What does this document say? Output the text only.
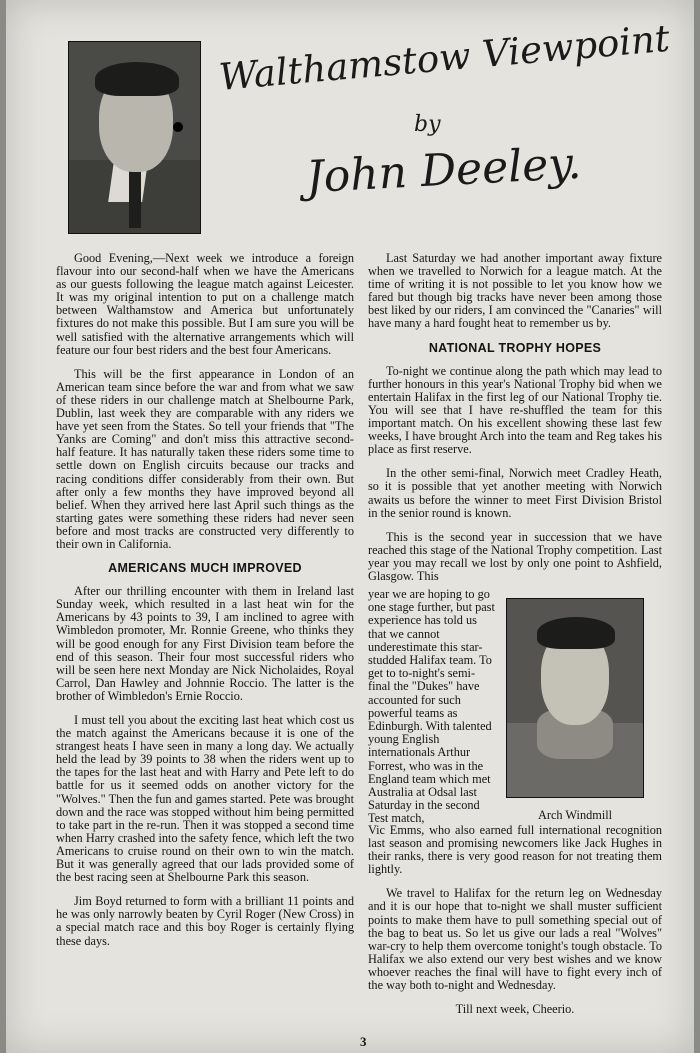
Walthamstow Viewpoint
by
John Deeley.

Good Evening,—Next week we introduce a foreign flavour into our second-half when we have the Americans as our guests following the league match against Leicester. It was my original intention to put on a challenge match between Walthamstow and America but unfortunately fixtures do not make this possible. But I am sure you will be well satisfied with the alternative arrangements which will feature our four best riders and the best four Americans.

This will be the first appearance in London of an American team since before the war and from what we saw of these riders in our challenge match at Shelbourne Park, Dublin, last week they are comparable with any riders we have yet seen from the States. So tell your friends that "The Yanks are Coming" and don't miss this attractive second-half feature. It has naturally taken these riders some time to settle down on English circuits because our tracks and racing conditions differ considerably from their own. But after only a few months they have improved beyond all belief. When they arrived here last April such things as the starting gates were something these riders had never seen before and most tracks are constructed very differently to their own in California.

AMERICANS MUCH IMPROVED

After our thrilling encounter with them in Ireland last Sunday week, which resulted in a last heat win for the Americans by 43 points to 39, I am inclined to agree with Wimbledon promoter, Mr. Ronnie Greene, who thinks they will be good enough for any First Division team before the end of this season. Their four most successful riders who will be seen here next Monday are Nick Nicholaides, Royal Carrol, Dan Hawley and Johnnie Roccio. The latter is the brother of Wimbledon's Ernie Roccio.

I must tell you about the exciting last heat which cost us the match against the Americans because it is one of the strangest heats I have seen in many a long day. We actually held the lead by 39 points to 38 when the riders went up to the tapes for the last heat and with Harry and Pete left to do battle for us it seemed odds on another victory for the "Wolves." Then the fun and games started. Pete was brought down and the race was stopped without him being permitted to take part in the re-run. Then it was stopped a second time when Harry crashed into the safety fence, which left the two Americans to cruise round on their own to win the match. But it was generally agreed that our lads provided some of the best racing seen at Shelbourne Park this season.

Jim Boyd returned to form with a brilliant 11 points and he was only narrowly beaten by Cyril Roger (New Cross) in a special match race and this boy Roger is certainly flying these days.

Last Saturday we had another important away fixture when we travelled to Norwich for a league match. At the time of writing it is not possible to let you know how we fared but though big tracks have never been among those best liked by our riders, I am convinced the "Canaries" will have many a hard fought heat to remember us by.

NATIONAL TROPHY HOPES

To-night we continue along the path which may lead to further honours in this year's National Trophy bid when we entertain Halifax in the first leg of our National Trophy tie. You will see that I have re-shuffled the team for this important match. On his excellent showing these last few weeks, I have brought Arch into the team and Reg takes his place as first reserve.

In the other semi-final, Norwich meet Cradley Heath, so it is possible that yet another meeting with Norwich awaits us before the winner to meet First Division Bristol in the senior round is known.

This is the second year in succession that we have reached this stage of the National Trophy competition. Last year you may recall we lost by only one point to Ashfield, Glasgow. This

year we are hoping to go one stage further, but past experience has told us that we cannot underestimate this star-studded Halifax team. To get to to-night's semi-final the "Dukes" have accounted for such powerful teams as Edinburgh. With talented young English internationals Arthur Forrest, who was in the England team which met Australia at Odsal last Saturday in the second Test match,	Arch Windmill

Vic Emms, who also earned full international recognition last season and promising newcomers like Jack Hughes in their ranks, there is very good reason for not treating them lightly.

We travel to Halifax for the return leg on Wednesday and it is our hope that to-night we shall muster sufficient points to make them have to pull something special out of the bag to beat us. So let us give our lads a real "Wolves" war-cry to help them overcome tonight's tough obstacle. To Halifax we also extend our very best wishes and we know whoever reaches the final will have to fight every inch of the way both to-night and Wednesday.

Till next week, Cheerio.

3
